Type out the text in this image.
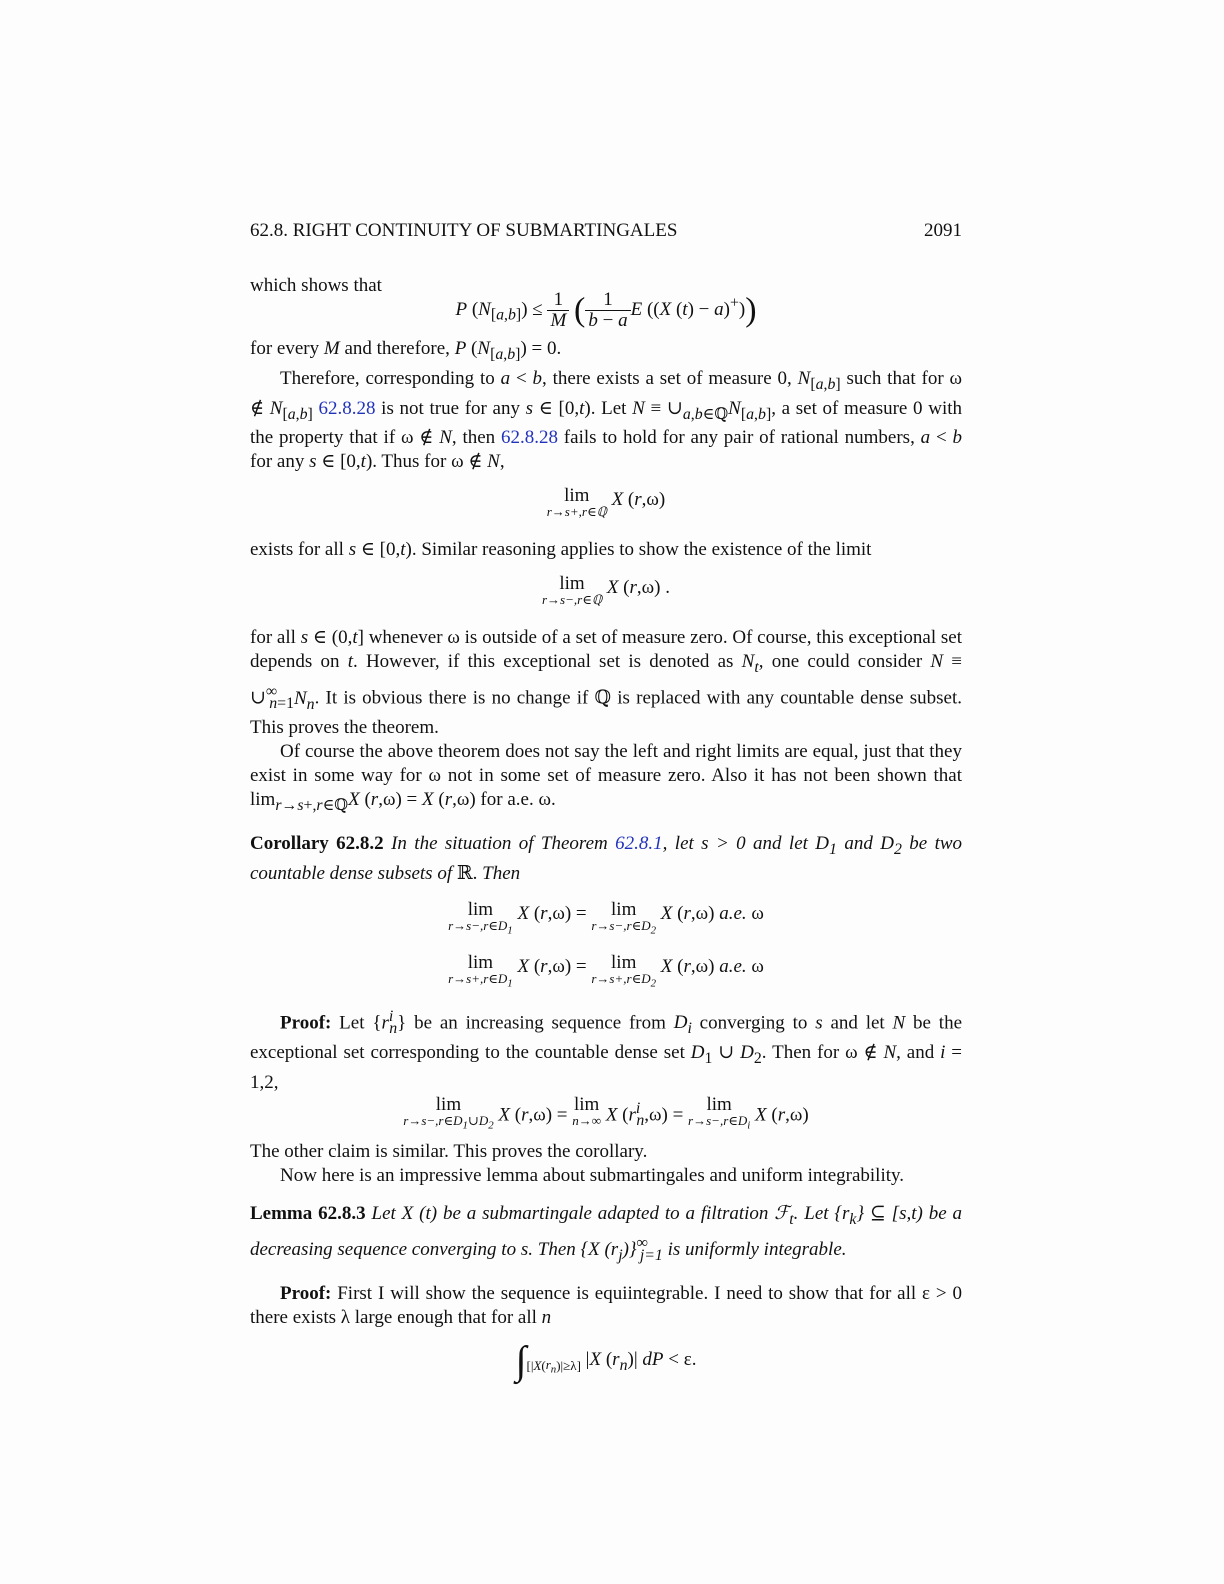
62.8. RIGHT CONTINUITY OF SUBMARTINGALES	2091

which shows that

P $(N_{[a,b]}) \le \frac{1}{M}$ ( $\frac{1}{b - a}$ E ((X (t) − a)+))

for every M and therefore, P $(N_{[a,b]}) = 0$.

Therefore, corresponding to a < b, there exists a set of measure 0, $N_{[a,b]}$ such that for ω ∉ $N_{[a,b]}$ 62.8.28 is not true for any s ∈ [0,t). Let $N \equiv \cup_{a,b\in ℚ}N_{[a,b]}$, a set of measure 0 with the property that if ω ∉ N, then 62.8.28 fails to hold for any pair of rational numbers, a < b for any s ∈ [0,t). Thus for ω ∉ N,

lim
r→s+,r∈ℚ
X (r,ω)

exists for all s ∈ [0,t). Similar reasoning applies to show the existence of the limit

lim
r→s−,r∈ℚ
X (r,ω) .

for all s ∈ (0,t] whenever ω is outside of a set of measure zero. Of course, this exceptional set depends on t. However, if this exceptional set is denoted as $N_t$, one could consider $N \equiv \cup^\infty_{n=1}N_n$. It is obvious there is no change if ℚ is replaced with any countable dense subset. This proves the theorem.

Of course the above theorem does not say the left and right limits are equal, just that they exist in some way for ω not in some set of measure zero. Also it has not been shown that $\lim_{r\to s+,r\in ℚ}X$ (r,ω) = X (r,ω) for a.e. ω.

Corollary 62.8.2 In the situation of Theorem 62.8.1, let s > 0 and let $D_1$ and $D_2$ be two countable dense subsets of ℝ. Then

lim
$r\to s-,r\in D_1$
X (r,ω) = lim
$r\to s-,r\in D_2$
X (r,ω) a.e. ω
lim
$r\to s+,r\in D_1$
X (r,ω) = lim
$r\to s+,r\in D_2$
X (r,ω) a.e. ω

Proof: Let $\{r^i_n\}$ be an increasing sequence from $D_i$ converging to s and let N be the exceptional set corresponding to the countable dense set $D_1$ ∪ $D_2$. Then for ω ∉ N, and i = 1,2,

lim
$r\to s-,r\in D_1\cup D_2$
X (r,ω) = lim
n→∞ X $(r^i_n,\omega) = \lim$
$r\to s-,r\in D_i$
X (r,ω)

The other claim is similar. This proves the corollary.

Now here is an impressive lemma about submartingales and uniform integrability.

Lemma 62.8.3 Let X (t) be a submartingale adapted to a filtration ℱ$_t$. Let $\{r_k\}$ ⊆ [s,t) be a decreasing sequence converging to s. Then {X $(r_j)\}^\infty_{j=1}$ is uniformly integrable.

Proof: First I will show the sequence is equiintegrable. I need to show that for all ε > 0 there exists λ large enough that for all n

$\int_{[|X(r_n)|\ge\lambda]}$ |X $(r_n)|$ dP < ε.
